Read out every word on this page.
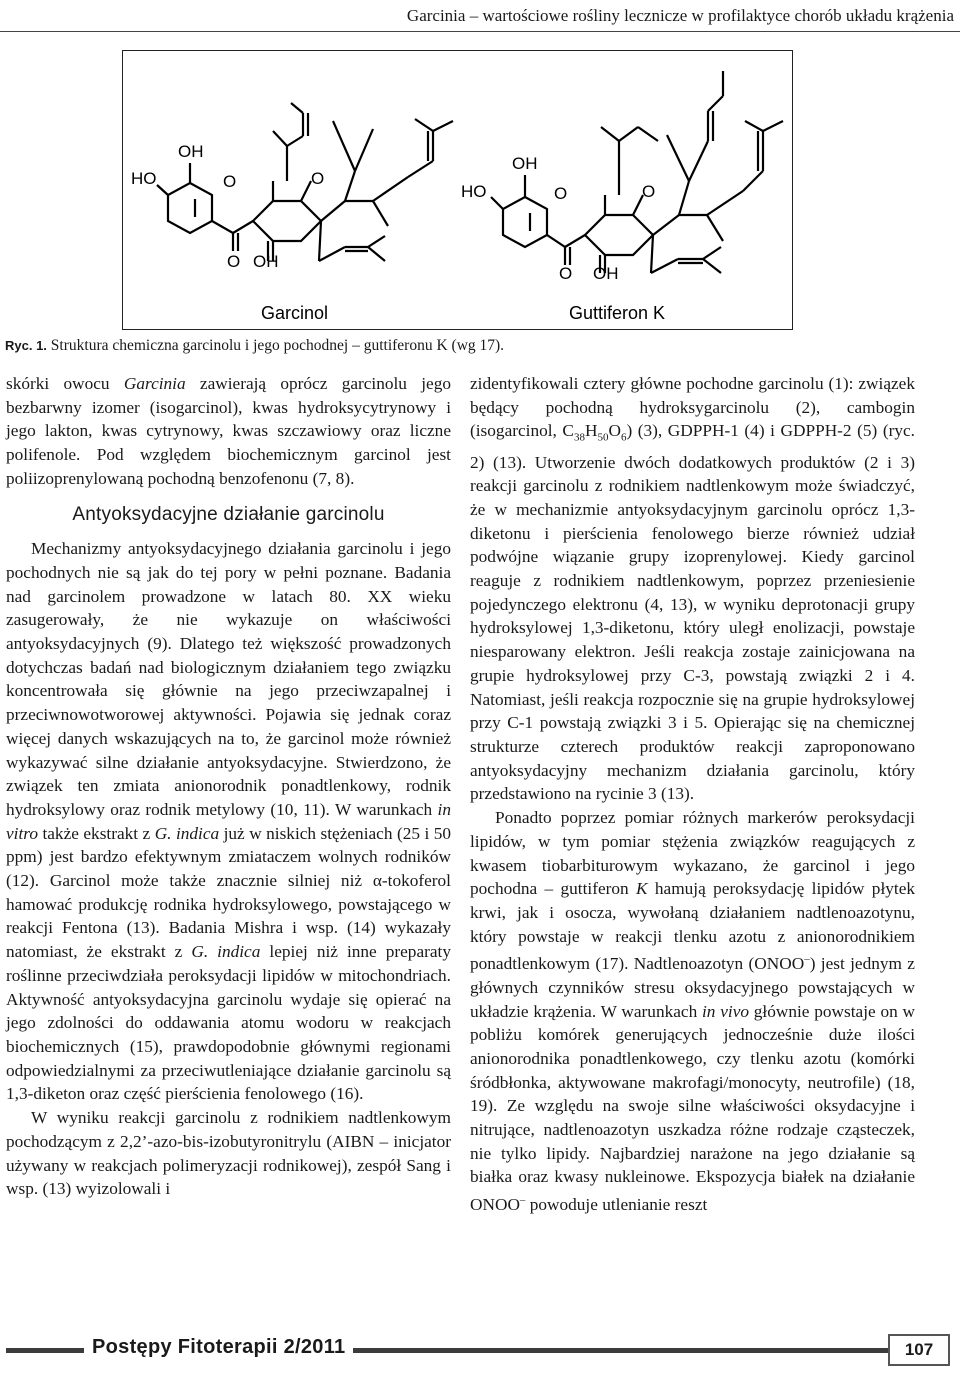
Garcinia – wartościowe rośliny lecznicze w profilaktyce chorób układu krążenia
HO
OH
O	O
O OH
Garcinol
HO
OH
O	O
O OH
Guttiferon K
Ryc. 1. Struktura chemiczna garcinolu i jego pochodnej – guttiferonu K (wg 17).

skórki owocu Garcinia zawierają oprócz garcinolu jego bezbarwny izomer (isogarcinol), kwas hydroksycytrynowy i jego lakton, kwas cytrynowy, kwas szczawiowy oraz liczne polifenole. Pod względem biochemicznym garcinol jest poliizoprenylowaną pochodną benzofenonu (7, 8).

Antyoksydacyjne działanie garcinolu

Mechanizmy antyoksydacyjnego działania garcinolu i jego pochodnych nie są jak do tej pory w pełni poznane. Badania nad garcinolem prowadzone w latach 80. XX wieku zasugerowały, że nie wykazuje on właściwości antyoksydacyjnych (9). Dlatego też większość prowadzonych dotychczas badań nad biologicznym działaniem tego związku koncentrowała się głównie na jego przeciwzapalnej i przeciwnowotworowej aktywności. Pojawia się jednak coraz więcej danych wskazujących na to, że garcinol może również wykazywać silne działanie antyoksydacyjne. Stwierdzono, że związek ten zmiata anionorodnik ponadtlenkowy, rodnik hydroksylowy oraz rodnik metylowy (10, 11). W warunkach in vitro także ekstrakt z G. indica już w niskich stężeniach (25 i 50 ppm) jest bardzo efektywnym zmiataczem wolnych rodników (12). Garcinol może także znacznie silniej niż α-tokoferol hamować produkcję rodnika hydroksylowego, powstającego w reakcji Fentona (13). Badania Mishra i wsp. (14) wykazały natomiast, że ekstrakt z G. indica lepiej niż inne preparaty roślinne przeciwdziała peroksydacji lipidów w mitochondriach. Aktywność antyoksydacyjna garcinolu wydaje się opierać na jego zdolności do oddawania atomu wodoru w reakcjach biochemicznych (15), prawdopodobnie głównymi regionami odpowiedzialnymi za przeciwutleniające działanie garcinolu są 1,3-diketon oraz część pierścienia fenolowego (16).

W wyniku reakcji garcinolu z rodnikiem nadtlenkowym pochodzącym z 2,2’-azo-bis-izobutyronitrylu (AIBN – inicjator używany w reakcjach polimeryzacji rodnikowej), zespół Sang i wsp. (13) wyizolowali i

zidentyfikowali cztery główne pochodne garcinolu (1): związek będący pochodną hydroksygarcinolu (2), cambogin (isogarcinol, $C_{38}H_{50}O_6$) (3), GDPPH-1 (4) i GDPPH-2 (5) (ryc. 2) (13). Utworzenie dwóch dodatkowych produktów (2 i 3) reakcji garcinolu z rodnikiem nadtlenkowym może świadczyć, że w mechanizmie antyoksydacyjnym garcinolu oprócz 1,3-diketonu i pierścienia fenolowego bierze również udział podwójne wiązanie grupy izoprenylowej. Kiedy garcinol reaguje z rodnikiem nadtlenkowym, poprzez przeniesienie pojedynczego elektronu (4, 13), w wyniku deprotonacji grupy hydroksylowej 1,3-diketonu, który uległ enolizacji, powstaje niesparowany elektron. Jeśli reakcja zostaje zainicjowana na grupie hydroksylowej przy C-3, powstają związki 2 i 4. Natomiast, jeśli reakcja rozpocznie się na grupie hydroksylowej przy C-1 powstają związki 3 i 5. Opierając się na chemicznej strukturze czterech produktów reakcji zaproponowano antyoksydacyjny mechanizm działania garcinolu, który przedstawiono na rycinie 3 (13).

Ponadto poprzez pomiar różnych markerów peroksydacji lipidów, w tym pomiar stężenia związków reagujących z kwasem tiobarbiturowym wykazano, że garcinol i jego pochodna – guttiferon K hamują peroksydację lipidów płytek krwi, jak i osocza, wywołaną działaniem nadtlenoazotynu, który powstaje w reakcji tlenku azotu z anionorodnikiem ponadtlenkowym (17). Nadtlenoazotyn (ONOO–) jest jednym z głównych czynników stresu oksydacyjnego powstających w układzie krążenia. W warunkach in vivo głównie powstaje on w pobliżu komórek generujących jednocześnie duże ilości anionorodnika ponadtlenkowego, czy tlenku azotu (komórki śródbłonka, aktywowane makrofagi/monocyty, neutrofile) (18, 19). Ze względu na swoje silne właściwości oksydacyjne i nitrujące, nadtlenoazotyn uszkadza różne rodzaje cząsteczek, nie tylko lipidy. Najbardziej narażone na jego działanie są białka oraz kwasy nukleinowe. Ekspozycja białek na działanie ONOO– powoduje utlenianie reszt

Postępy Fitoterapii 2/2011	107
